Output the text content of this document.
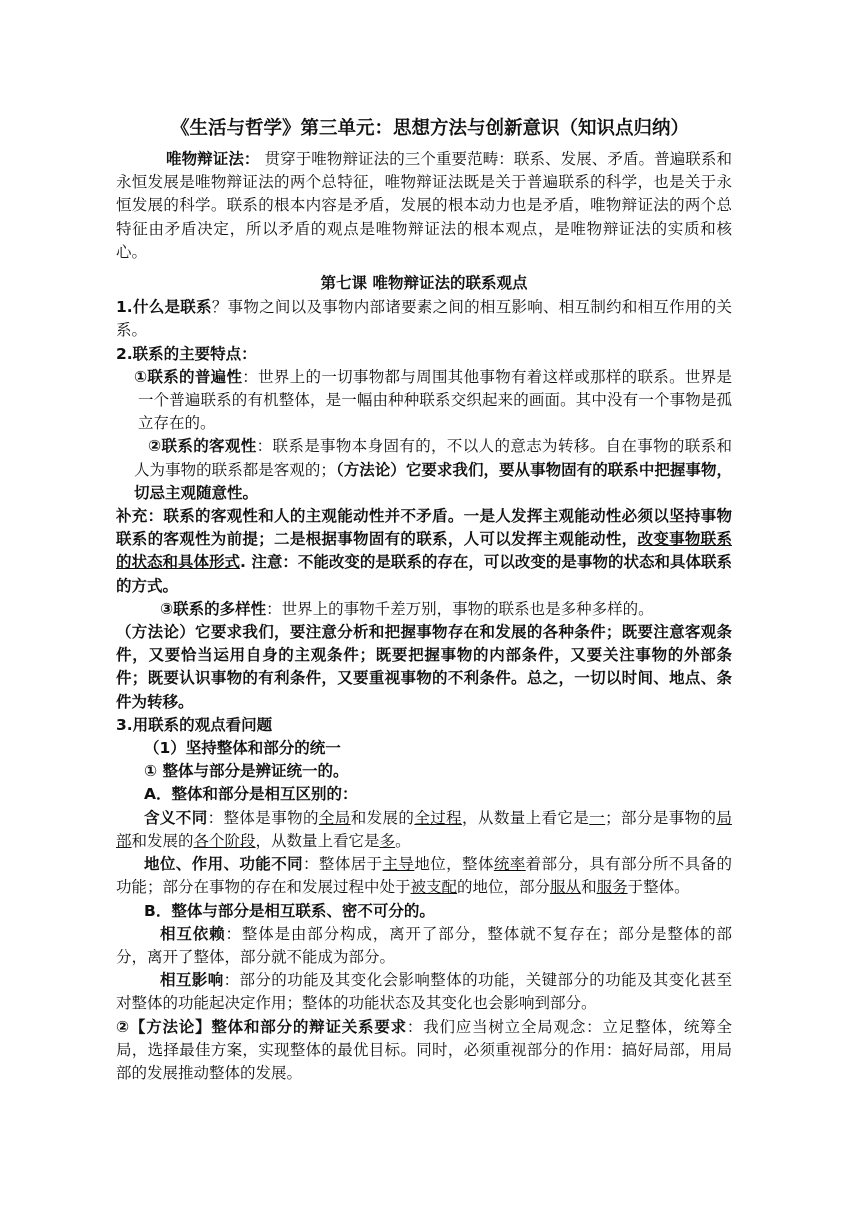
《生活与哲学》第三单元：思想方法与创新意识（知识点归纳）

唯物辩证法： 贯穿于唯物辩证法的三个重要范畴：联系、发展、矛盾。普遍联系和永恒发展是唯物辩证法的两个总特征，唯物辩证法既是关于普遍联系的科学，也是关于永恒发展的科学。联系的根本内容是矛盾，发展的根本动力也是矛盾，唯物辩证法的两个总特征由矛盾决定，所以矛盾的观点是唯物辩证法的根本观点，是唯物辩证法的实质和核心。

第七课 唯物辩证法的联系观点

1.什么是联系？事物之间以及事物内部诸要素之间的相互影响、相互制约和相互作用的关系。

2.联系的主要特点：

①联系的普遍性：世界上的一切事物都与周围其他事物有着这样或那样的联系。世界是一个普遍联系的有机整体，是一幅由种种联系交织起来的画面。其中没有一个事物是孤立存在的。

②联系的客观性：联系是事物本身固有的，不以人的意志为转移。自在事物的联系和人为事物的联系都是客观的；（方法论）它要求我们，要从事物固有的联系中把握事物，切忌主观随意性。

补充：联系的客观性和人的主观能动性并不矛盾。一是人发挥主观能动性必须以坚持事物联系的客观性为前提；二是根据事物固有的联系，人可以发挥主观能动性，改变事物联系的状态和具体形式. 注意：不能改变的是联系的存在，可以改变的是事物的状态和具体联系的方式。

③联系的多样性：世界上的事物千差万别，事物的联系也是多种多样的。

（方法论）它要求我们，要注意分析和把握事物存在和发展的各种条件；既要注意客观条件，又要恰当运用自身的主观条件；既要把握事物的内部条件，又要关注事物的外部条件；既要认识事物的有利条件，又要重视事物的不利条件。总之，一切以时间、地点、条件为转移。

3.用联系的观点看问题

（1）坚持整体和部分的统一

① 整体与部分是辨证统一的。

A．整体和部分是相互区别的：

含义不同：整体是事物的全局和发展的全过程，从数量上看它是一；部分是事物的局部和发展的各个阶段，从数量上看它是多。

地位、作用、功能不同：整体居于主导地位，整体统率着部分，具有部分所不具备的功能；部分在事物的存在和发展过程中处于被支配的地位，部分服从和服务于整体。

B．整体与部分是相互联系、密不可分的。

相互依赖：整体是由部分构成，离开了部分，整体就不复存在；部分是整体的部分，离开了整体，部分就不能成为部分。

相互影响：部分的功能及其变化会影响整体的功能，关键部分的功能及其变化甚至对整体的功能起决定作用；整体的功能状态及其变化也会影响到部分。

②【方法论】整体和部分的辩证关系要求：我们应当树立全局观念：立足整体，统筹全局，选择最佳方案，实现整体的最优目标。同时，必须重视部分的作用：搞好局部，用局部的发展推动整体的发展。
